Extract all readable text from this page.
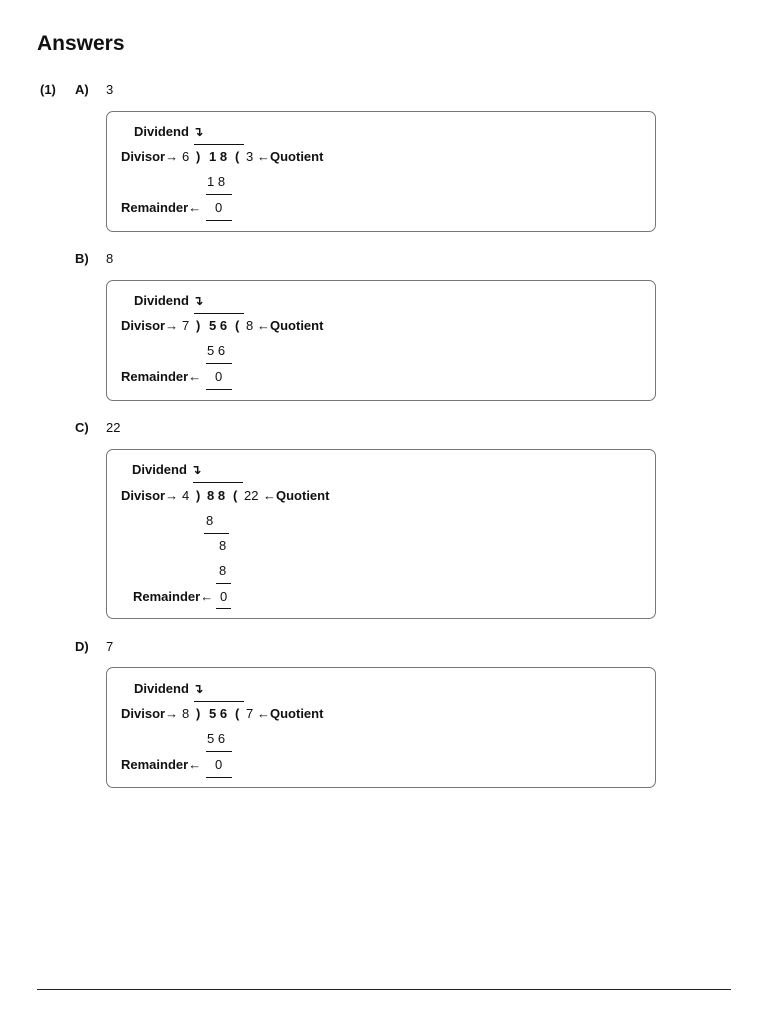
Answers
(1) A) 3
Dividend ↴
Divisor→ 6 ) 1 8 ( 3 ←Quotient
1 8
Remainder← 0
B) 8
Dividend ↴
Divisor→ 7 ) 5 6 ( 8 ←Quotient
5 6
Remainder← 0
C) 22
Dividend ↴
Divisor→ 4 ) 8 8 ( 22 ←Quotient
8
8
8
Remainder← 0
D) 7
Dividend ↴
Divisor→ 8 ) 5 6 ( 7 ←Quotient
5 6
Remainder← 0
